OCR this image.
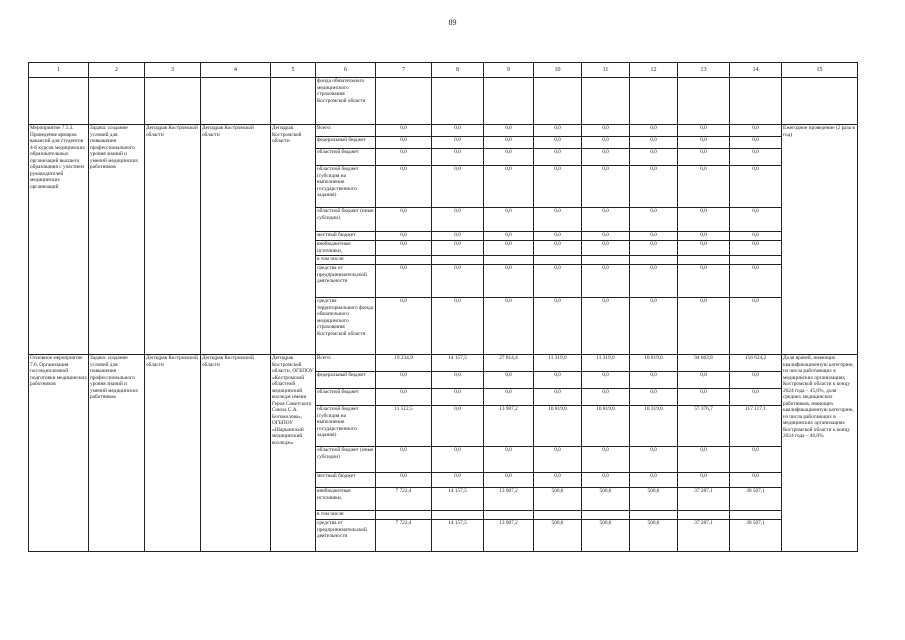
89
1	2	3	4	5	6	7	8	9	10	11	12	13	14	15
					фонда обязательного медицинского страхования Костромской области									
Мероприятие 7.5.3. Проведение ярмарок вакансий для студентов 4-6 курсов медицинских образовательных организаций высшего образования с участием руководителей медицинских организаций	Задача: создание условий для повышения профессионального уровня знаний и умений медицинских работников	Депздрав Костромской области	Депздрав Костромской области	Депздрав Костромской области	Всего:	0,0	0,0	0,0	0,0	0,0	0,0	0,0	0,0	Ежегодное проведение (2 раза в год)
					федеральный бюджет	0,0	0,0	0,0	0,0	0,0	0,0	0,0	0,0	
					областной бюджет	0,0	0,0	0,0	0,0	0,0	0,0	0,0	0,0	
					областной бюджет (субсидия на выполнение государственного задания)	0,0	0,0	0,0	0,0	0,0	0,0	0,0	0,0	
					областной бюджет (иные субсидии)	0,0	0,0	0,0	0,0	0,0	0,0	0,0	0,0	
					местный бюджет	0,0	0,0	0,0	0,0	0,0	0,0	0,0	0,0	
					внебюджетные источники,	0,0	0,0	0,0	0,0	0,0	0,0	0,0	0,0	
					в том числе:									
					средства от предпринимательской деятельности	0,0	0,0	0,0	0,0	0,0	0,0	0,0	0,0	
					средства территориального фонда обязательного медицинского страхования Костромской области	0,0	0,0	0,0	0,0	0,0	0,0	0,0	0,0	
Основное мероприятие 7.6. Организация последипломной подготовки медицинских работников	Задача: создание условий для повышения профессионального уровня знаний и умений медицинских работников	Депздрав Костромской области	Депздрав Костромской области	Депздрав Костромской области, ОГБПОУ «Костромской областной медицинский колледж имени Героя Советского Союза С.А. Богомолова», ОГБПОУ «Шарьинский медицинский колледж»	Всего:	19 234,9	14 157,5	27 814,4	11 319,0	11 319,0	10 819,0	94 663,8	156 624,2	Доля врачей, имеющих квалификационную категорию, из числа работающих в медицинских организациях Костромской области к концу 2024 года – 45,0%, доля средних медицинских работников, имеющих квалификационную категорию, из числа работающих в медицинских организациях Костромской области к концу 2024 года – 40,0%
					федеральный бюджет	0,0	0,0	0,0	0,0	0,0	0,0	0,0	0,0	
					областной бюджет	0,0	0,0	0,0	0,0	0,0	0,0	0,0	0,0	
					областной бюджет (субсидия на выполнение государственного задания)	11 512,5	0,0	13 907,2	10 819,0	10 819,0	10 319,0	57 376,7	117 117,1	
					областной бюджет (иные субсидии)	0,0	0,0	0,0	0,0	0,0	0,0	0,0	0,0	
					местный бюджет	0,0	0,0	0,0	0,0	0,0	0,0	0,0	0,0	
					внебюджетные источники,	7 722,4	14 157,5	13 907,2	500,0	500,0	500,0	37 287,1	39 507,1	
					в том числе:									
					средства от предпринимательской деятельности	7 722,4	14 157,5	13 907,2	500,0	500,0	500,0	37 287,1	39 507,1	
